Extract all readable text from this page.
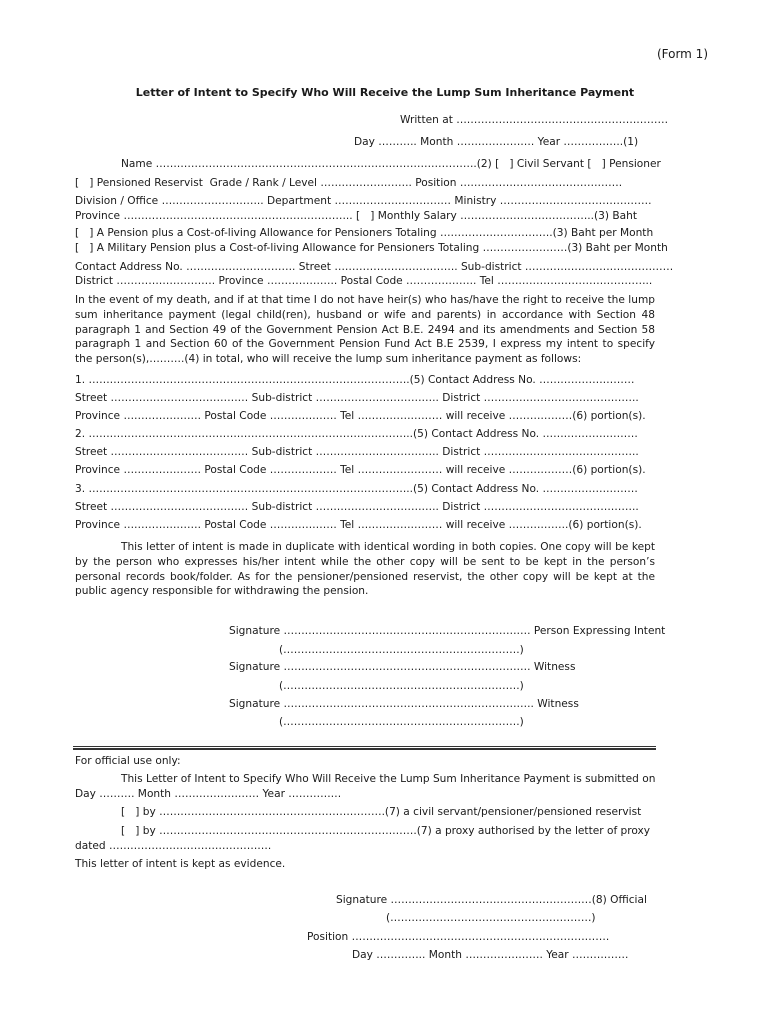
(Form 1)
Letter of Intent to Specify Who Will Receive the Lump Sum Inheritance Payment
Written at ……………………………………………………
Day ……….. Month …………………. Year ……………..(1)
Name ……………………………………………………………………………….(2) [   ] Civil Servant [   ] Pensioner
[   ] Pensioned Reservist  Grade / Rank / Level …………………….. Position ……………………………………….
Division / Office ……………………….. Department …………………………… Ministry …………………………………….
Province ……………………………………………………….. [   ] Monthly Salary ………………………………..(3) Baht
[   ] A Pension plus a Cost-of-living Allowance for Pensioners Totaling …………………………..(3) Baht per Month
[   ] A Military Pension plus a Cost-of-living Allowance for Pensioners Totaling ……………………(3) Baht per Month
Contact Address No. …………………………. Street …………………………….. Sub-district ……………………………………
District ………………………. Province ……………….. Postal Code ……………….. Tel ……………………………………..
In the event of my death, and if at that time I do not have heir(s) who has/have the right to receive the lump sum inheritance payment (legal child(ren), husband or wife and parents) in accordance with Section 48 paragraph 1 and Section 49 of the Government Pension Act B.E. 2494 and its amendments and Section 58 paragraph 1 and Section 60 of the Government Pension Fund Act B.E 2539, I express my intent to specify the person(s),……….(4) in total, who will receive the lump sum inheritance payment as follows:
1. ……………………………………………………………………………….(5) Contact Address No. ………………………
Street ………………………………… Sub-district …………………………….. District ……………………………………..
Province …………………. Postal Code ………………. Tel …………………… will receive ………………(6) portion(s).
2. ………………………………………………………………………………..(5) Contact Address No. ………………………
Street ………………………………… Sub-district …………………………….. District ……………………………………..
Province …………………. Postal Code ………………. Tel …………………… will receive ………………(6) portion(s).
3. ………………………………………………………………………………..(5) Contact Address No. ………………………
Street ………………………………… Sub-district …………………………….. District ……………………………………..
Province …………………. Postal Code ………………. Tel …………………… will receive ……………..(6) portion(s).
This letter of intent is made in duplicate with identical wording in both copies. One copy will be kept by the person who expresses his/her intent while the other copy will be sent to be kept in the person’s personal records book/folder. As for the pensioner/pensioned reservist, the other copy will be kept at the public agency responsible for withdrawing the pension.
Signature ……………………………………………………………. Person Expressing Intent
(………………………………………………………….)
Signature ……………………………………………………………. Witness
(………………………………………………………….)
Signature …………………………………………………………….. Witness
(………………………………………………………….)
For official use only:
This Letter of Intent to Specify Who Will Receive the Lump Sum Inheritance Payment is submitted on
Day ………. Month …………………… Year ……………
[   ] by ……………………………………………………….(7) a civil servant/pensioner/pensioned reservist
[   ] by ……………………………………………………………….(7) a proxy authorised by the letter of proxy
dated ……………………………………….
This letter of intent is kept as evidence.
Signature …………………………………………………(8) Official
(…………………………………………………)
Position ……………………………………………………………….
Day ………….. Month …………………. Year …………….
